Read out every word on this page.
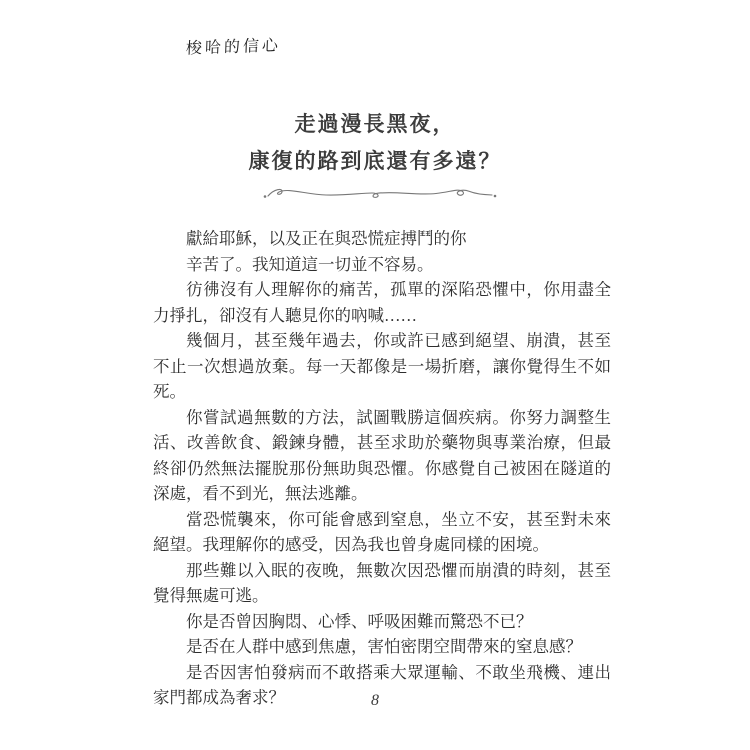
梭哈的信心
走過漫長黑夜，
康復的路到底還有多遠？

獻給耶穌，以及正在與恐慌症搏鬥的你

辛苦了。我知道這一切並不容易。

彷彿沒有人理解你的痛苦，孤單的深陷恐懼中，你用盡全力掙扎，卻沒有人聽見你的吶喊……

幾個月，甚至幾年過去，你或許已感到絕望、崩潰，甚至不止一次想過放棄。每一天都像是一場折磨，讓你覺得生不如死。

你嘗試過無數的方法，試圖戰勝這個疾病。你努力調整生活、改善飲食、鍛鍊身體，甚至求助於藥物與專業治療，但最終卻仍然無法擺脫那份無助與恐懼。你感覺自己被困在隧道的深處，看不到光，無法逃離。

當恐慌襲來，你可能會感到窒息，坐立不安，甚至對未來絕望。我理解你的感受，因為我也曾身處同樣的困境。

那些難以入眠的夜晚，無數次因恐懼而崩潰的時刻，甚至覺得無處可逃。

你是否曾因胸悶、心悸、呼吸困難而驚恐不已？

是否在人群中感到焦慮，害怕密閉空間帶來的窒息感？

是否因害怕發病而不敢搭乘大眾運輸、不敢坐飛機、連出家門都成為奢求？	8
